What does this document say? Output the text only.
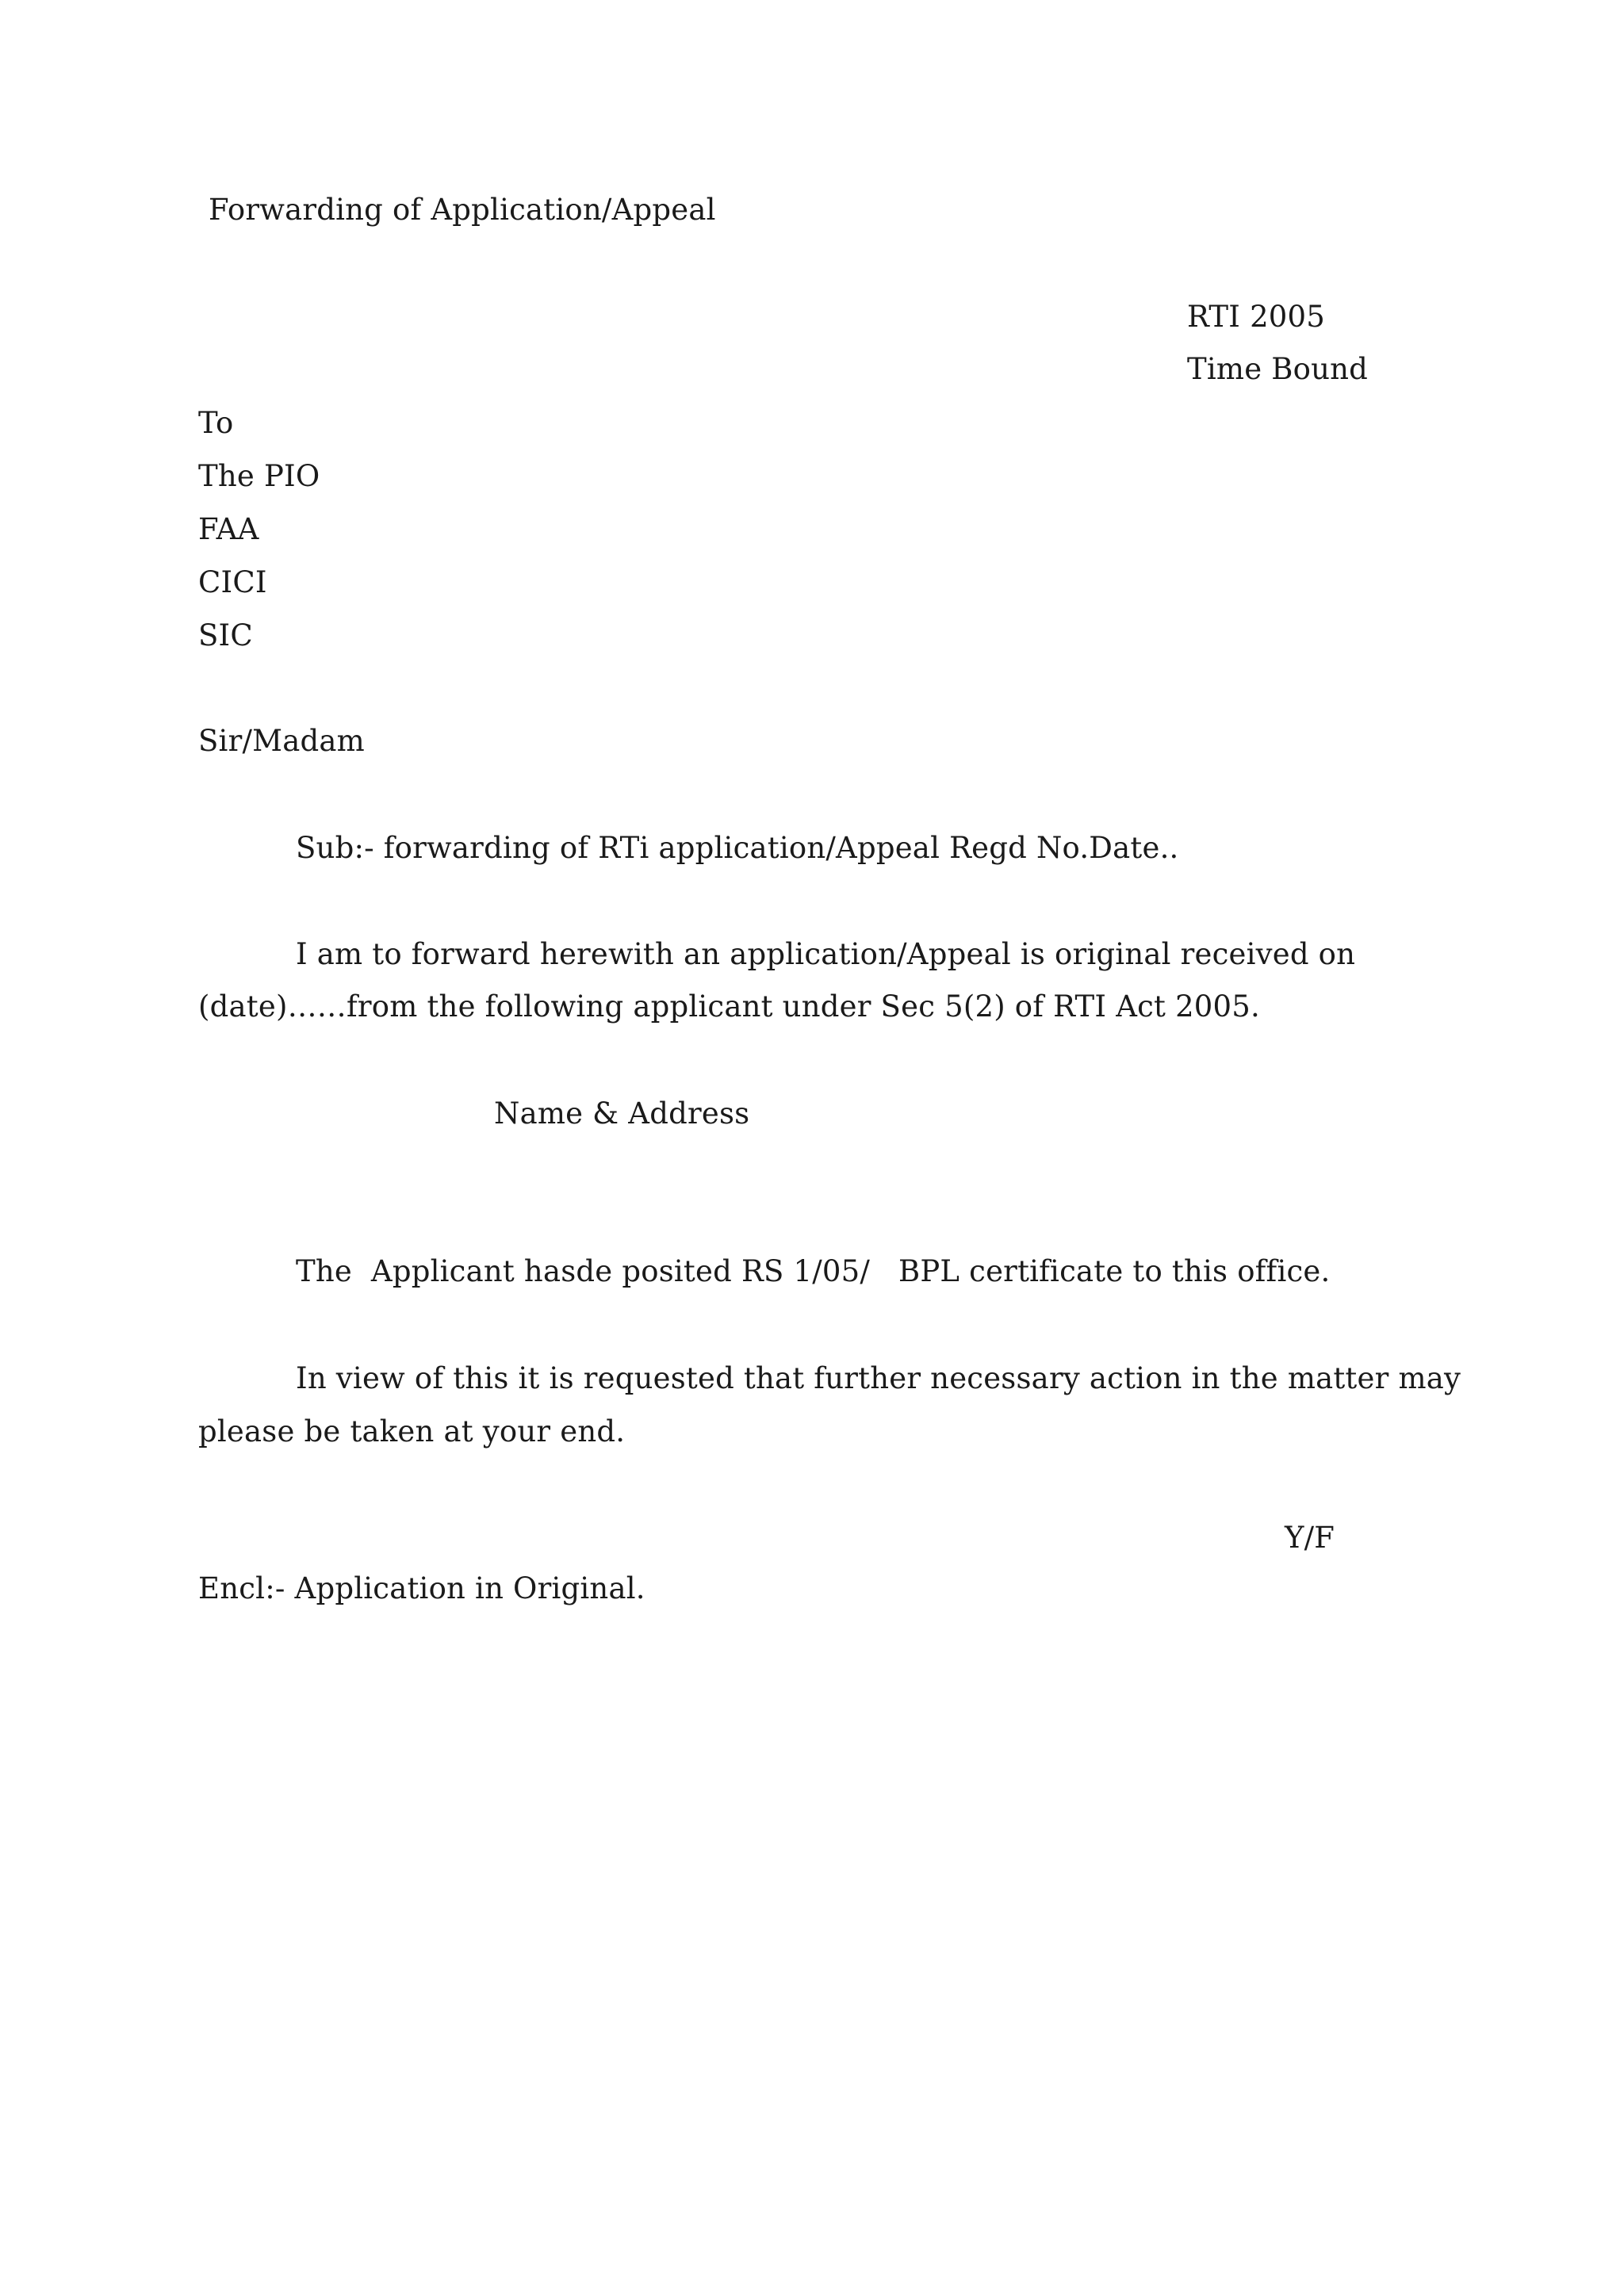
Forwarding of Application/Appeal
RTI 2005
Time Bound
To
The PIO
FAA
CICI
SIC
Sir/Madam
Sub:- forwarding of RTi application/Appeal Regd No.Date..
I am to forward herewith an application/Appeal is original received on
(date)……from the following applicant under Sec 5(2) of RTI Act 2005.
Name & Address
The  Applicant hasde posited RS 1/05/   BPL certificate to this office.
In view of this it is requested that further necessary action in the matter may
please be taken at your end.
Y/F
Encl:- Application in Original.
